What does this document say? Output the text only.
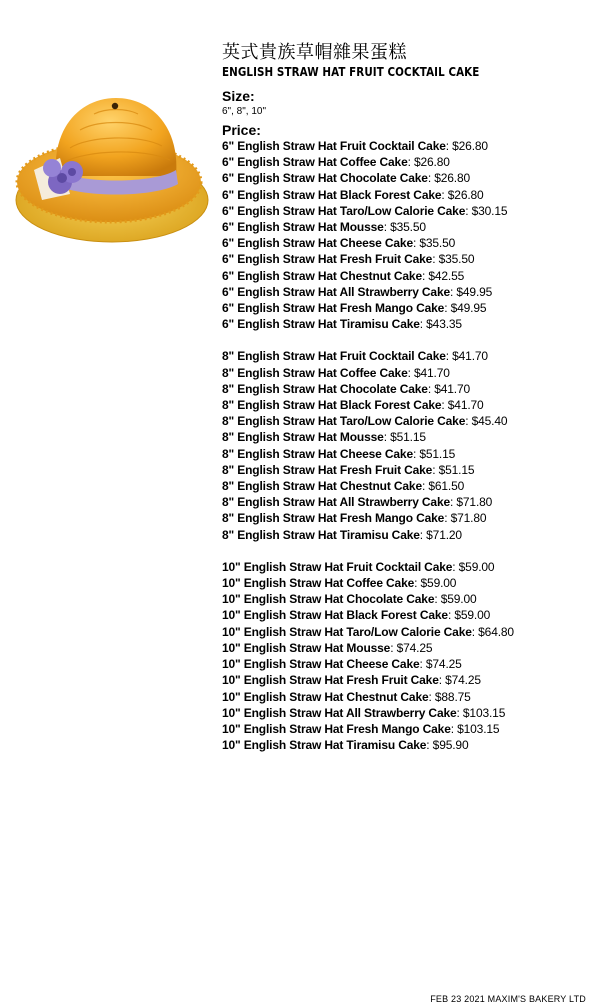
英式貴族草帽雜果蛋糕
ENGLISH STRAW HAT FRUIT COCKTAIL CAKE
Size:
6", 8", 10"
Price:
6" English Straw Hat Fruit Cocktail Cake: $26.80
6" English Straw Hat Coffee Cake: $26.80
6" English Straw Hat Chocolate Cake: $26.80
6" English Straw Hat Black Forest Cake: $26.80
6" English Straw Hat Taro/Low Calorie Cake: $30.15
6" English Straw Hat Mousse: $35.50
6" English Straw Hat Cheese Cake: $35.50
6" English Straw Hat Fresh Fruit Cake: $35.50
6" English Straw Hat Chestnut Cake: $42.55
6" English Straw Hat All Strawberry Cake: $49.95
6" English Straw Hat Fresh Mango Cake: $49.95
6" English Straw Hat Tiramisu Cake: $43.35
8" English Straw Hat Fruit Cocktail Cake: $41.70
8" English Straw Hat Coffee Cake: $41.70
8" English Straw Hat Chocolate Cake: $41.70
8" English Straw Hat Black Forest Cake: $41.70
8" English Straw Hat Taro/Low Calorie Cake: $45.40
8" English Straw Hat Mousse: $51.15
8" English Straw Hat Cheese Cake: $51.15
8" English Straw Hat Fresh Fruit Cake: $51.15
8" English Straw Hat Chestnut Cake: $61.50
8" English Straw Hat All Strawberry Cake: $71.80
8" English Straw Hat Fresh Mango Cake: $71.80
8" English Straw Hat Tiramisu Cake: $71.20
10" English Straw Hat Fruit Cocktail Cake: $59.00
10" English Straw Hat Coffee Cake: $59.00
10" English Straw Hat Chocolate Cake: $59.00
10" English Straw Hat Black Forest Cake: $59.00
10" English Straw Hat Taro/Low Calorie Cake: $64.80
10" English Straw Hat Mousse: $74.25
10" English Straw Hat Cheese Cake: $74.25
10" English Straw Hat Fresh Fruit Cake: $74.25
10" English Straw Hat Chestnut Cake: $88.75
10" English Straw Hat All Strawberry Cake: $103.15
10" English Straw Hat Fresh Mango Cake: $103.15
10" English Straw Hat Tiramisu Cake: $95.90
FEB 23 2021 MAXIM'S BAKERY LTD
